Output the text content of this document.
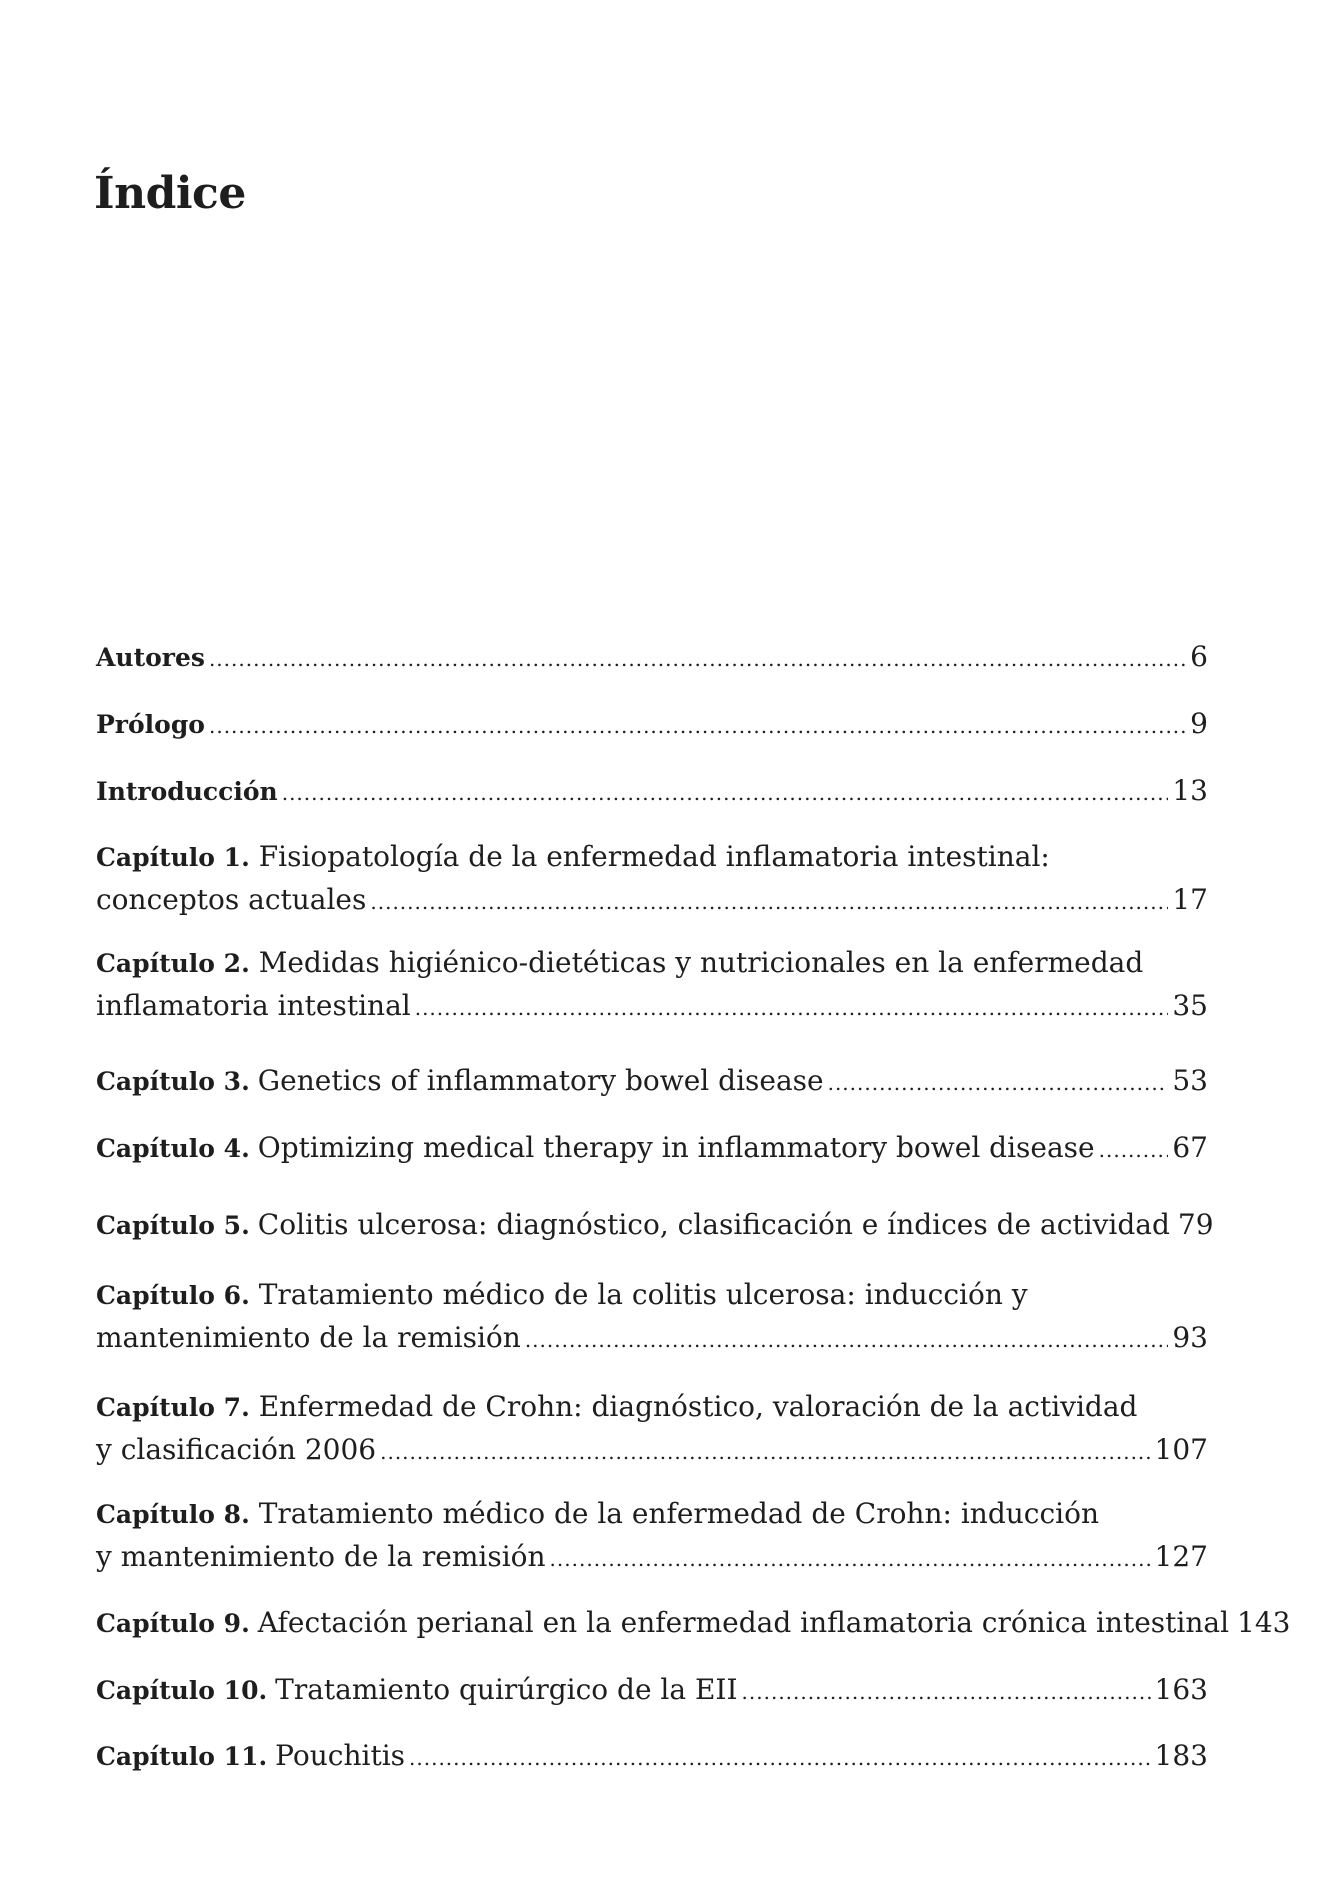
Índice
Autores .....	6
Prólogo .....	9
Introducción .....	13
Capítulo 1. Fisiopatología de la enfermedad inflamatoria intestinal:
conceptos actuales .....	17
Capítulo 2. Medidas higiénico-dietéticas y nutricionales en la enfermedad
inflamatoria intestinal .....	35
Capítulo 3. Genetics of inflammatory bowel disease .....	53
Capítulo 4. Optimizing medical therapy in inflammatory bowel disease .....	67
Capítulo 5. Colitis ulcerosa: diagnóstico, clasificación e índices de actividad 79
Capítulo 6. Tratamiento médico de la colitis ulcerosa: inducción y
mantenimiento de la remisión .....	93
Capítulo 7. Enfermedad de Crohn: diagnóstico, valoración de la actividad
y clasificación 2006 .....	107
Capítulo 8. Tratamiento médico de la enfermedad de Crohn: inducción
y mantenimiento de la remisión .....	127
Capítulo 9. Afectación perianal en la enfermedad inflamatoria crónica intestinal 143
Capítulo 10. Tratamiento quirúrgico de la EII .....	163
Capítulo 11. Pouchitis .....	183
